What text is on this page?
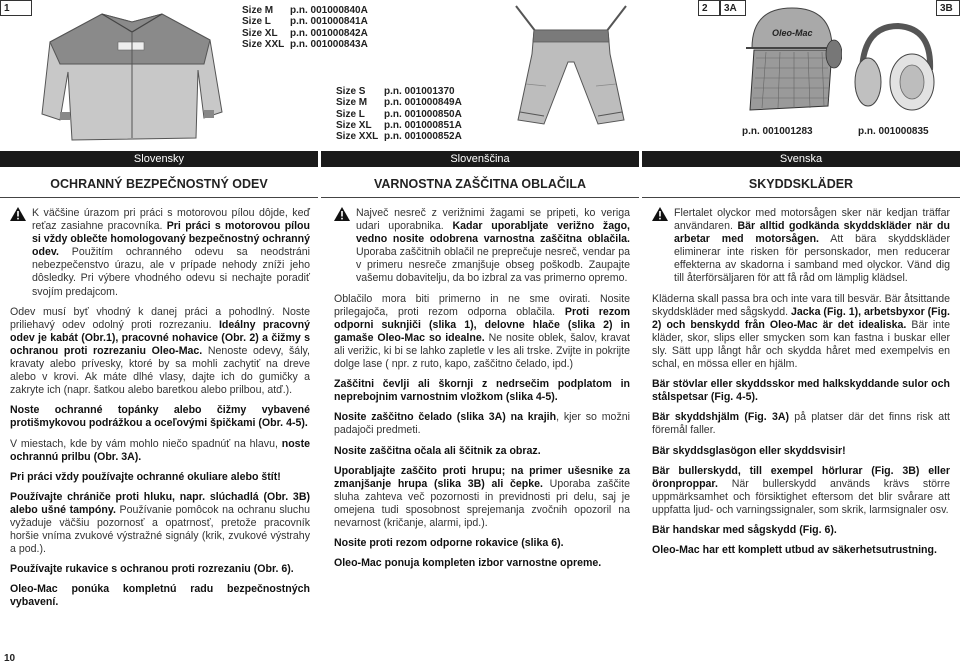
1	2	3A	3B
Size M	p.n. 001000840A
Size L	p.n. 001000841A
Size XL	p.n. 001000842A
Size XXL p.n. 001000843A
Size S	p.n. 001001370
Size M	p.n. 001000849A
Size L	p.n. 001000850A
Size XL	p.n. 001000851A
Size XXL p.n. 001000852A
Oleo-Mac
p.n. 001001283	p.n. 001000835
Slovensky	Slovenščina	Svenska
OCHRANNÝ BEZPEČNOSTNÝ ODEV	VARNOSTNA ZAŠČITNA OBLAČILA	SKYDDSKLÄDER

K väčšine úrazom pri práci s motorovou pílou dôjde, keď reťaz zasiahne pracovníka. Pri práci s motorovou pílou si vždy oblečte homologovaný bezpečnostný ochranný odev. Použitím ochranného odevu sa neodstráni nebezpečenstvo úrazu, ale v prípade nehody zníži jeho dôsledky. Pri výbere vhodného odevu si nechajte poradiť svojím predajcom.

Odev musí byť vhodný k danej práci a pohodlný. Noste priliehavý odev odolný proti rozrezaniu. Ideálny pracovný odev je kabát (Obr.1), pracovné nohavice (Obr. 2) a čižmy s ochranou proti rozrezaniu Oleo-Mac. Nenoste odevy, šály, kravaty alebo prívesky, ktoré by sa mohli zachytiť na dreve alebo v krovi. Ak máte dlhé vlasy, dajte ich do gumičky a zakryte ich (napr. šatkou alebo baretkou alebo prilbou, atď.).

Noste ochranné topánky alebo čižmy vybavené protišmykovou podrážkou a oceľovými špičkami (Obr. 4-5).

V miestach, kde by vám mohlo niečo spadnúť na hlavu, noste ochrannú prilbu (Obr. 3A).

Pri práci vždy používajte ochranné okuliare alebo štít!

Používajte chrániče proti hluku, napr. slúchadlá (Obr. 3B) alebo ušné tampóny. Používanie pomôcok na ochranu sluchu vyžaduje väčšiu pozornosť a opatrnosť, pretože pracovník horšie vníma zvukové výstražné signály (krik, zvukové výstrahy a pod.).

Používajte rukavice s ochranou proti rozrezaniu (Obr. 6).

Oleo-Mac ponúka kompletnú radu bezpečnostných vybavení.

Največ nesreč z verižnimi žagami se pripeti, ko veriga udari uporabnika. Kadar uporabljate verižno žago, vedno nosite odobrena varnostna zaščitna oblačila. Uporaba zaščitnih oblačil ne preprečuje nesreč, vendar pa v primeru nesreče zmanjšuje obseg poškodb. Zaupajte vašemu dobavitelju, da bo izbral za vas primerno opremo.

Oblačilo mora biti primerno in ne sme ovirati. Nosite prilegajoča, proti rezom odporna oblačila. Proti rezom odporni suknjiči (slika 1), delovne hlače (slika 2) in gamaše Oleo-Mac so idealne. Ne nosite oblek, šalov, kravat ali verižic, ki bi se lahko zapletle v les ali trske. Zvijte in pokrijte dolge lase ( npr. z ruto, kapo, zaščitno čelado, ipd.)

Zaščitni čevlji ali škornji z nedrsečim podplatom in neprebojnim varnostnim vložkom (slika 4-5).

Nosite zaščitno čelado (slika 3A) na krajih, kjer so možni padajoči predmeti.

Nosite zaščitna očala ali ščitnik za obraz.

Uporabljajte zaščito proti hrupu; na primer ušesnike za zmanjšanje hrupa (slika 3B) ali čepke. Uporaba zaščite sluha zahteva več pozornosti in previdnosti pri delu, saj je omejena tudi sposobnost sprejemanja zvočnih opozoril na nevarnost (kričanje, alarmi, ipd.).

Nosite proti rezom odporne rokavice (slika 6).

Oleo-Mac ponuja kompleten izbor varnostne opreme.

Flertalet olyckor med motorsågen sker när kedjan träffar användaren. Bär alltid godkända skyddskläder när du arbetar med motorsågen. Att bära skyddskläder eliminerar inte risken för personskador, men reducerar effekterna av skadorna i samband med olyckor. Vänd dig till återförsäljaren för att få råd om lämplig klädsel.

Kläderna skall passa bra och inte vara till besvär. Bär åtsittande skyddskläder med sågskydd. Jacka (Fig. 1), arbetsbyxor (Fig. 2) och benskydd från Oleo-Mac är det idealiska. Bär inte kläder, skor, slips eller smycken som kan fastna i buskar eller sly. Sätt upp långt hår och skydda håret med exempelvis en schal, en mössa eller en hjälm.

Bär stövlar eller skyddsskor med halkskyddande sulor och stålspetsar (Fig. 4-5).

Bär skyddshjälm (Fig. 3A) på platser där det finns risk att föremål faller.

Bär skyddsglasögon eller skyddsvisir!

Bär bullerskydd, till exempel hörlurar (Fig. 3B) eller öronproppar. När bullerskydd används krävs större uppmärksamhet och försiktighet eftersom det blir svårare att uppfatta ljud- och varningssignaler, som skrik, larmsignaler osv.

Bär handskar med sågskydd (Fig. 6).

Oleo-Mac har ett komplett utbud av säkerhetsutrustning.

10
